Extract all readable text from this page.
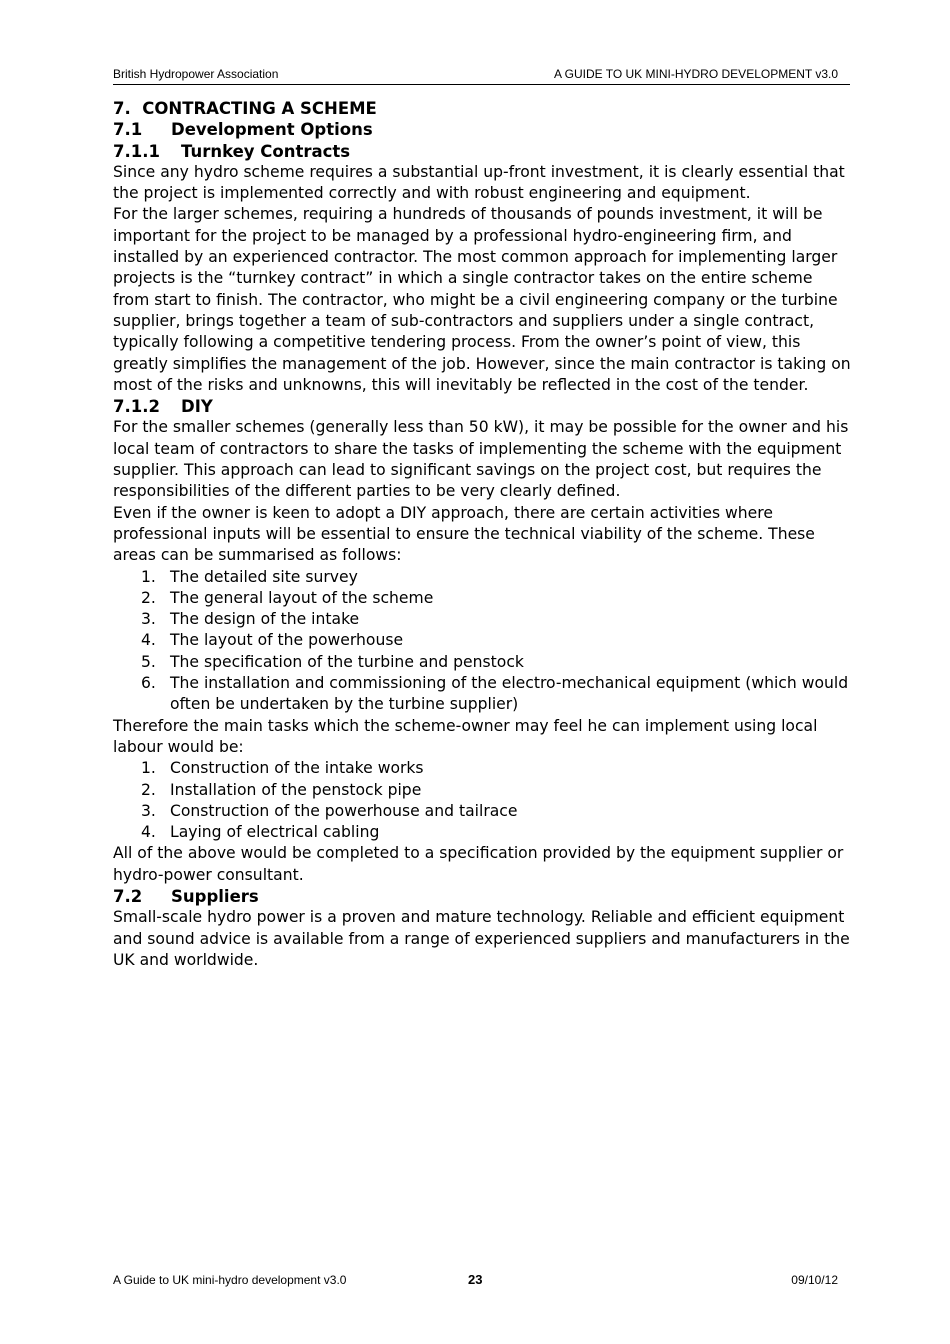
British Hydropower Association	A GUIDE TO UK MINI-HYDRO DEVELOPMENT v3.0

7. CONTRACTING A SCHEME

7.1 Development Options

7.1.1 Turnkey Contracts

Since any hydro scheme requires a substantial up-front investment, it is clearly essential that the project is implemented correctly and with robust engineering and equipment.

For the larger schemes, requiring a hundreds of thousands of pounds investment, it will be important for the project to be managed by a professional hydro-engineering firm, and installed by an experienced contractor. The most common approach for implementing larger projects is the “turnkey contract” in which a single contractor takes on the entire scheme from start to finish. The contractor, who might be a civil engineering company or the turbine supplier, brings together a team of sub-contractors and suppliers under a single contract, typically following a competitive tendering process. From the owner’s point of view, this greatly simplifies the management of the job. However, since the main contractor is taking on most of the risks and unknowns, this will inevitably be reflected in the cost of the tender.

7.1.2 DIY

For the smaller schemes (generally less than 50 kW), it may be possible for the owner and his local team of contractors to share the tasks of implementing the scheme with the equipment supplier. This approach can lead to significant savings on the project cost, but requires the responsibilities of the different parties to be very clearly defined.

Even if the owner is keen to adopt a DIY approach, there are certain activities where professional inputs will be essential to ensure the technical viability of the scheme. These areas can be summarised as follows:

1. The detailed site survey
2. The general layout of the scheme
3. The design of the intake
4. The layout of the powerhouse
5. The specification of the turbine and penstock
6. The installation and commissioning of the electro-mechanical equipment (which would often be undertaken by the turbine supplier)

Therefore the main tasks which the scheme-owner may feel he can implement using local labour would be:

1. Construction of the intake works
2. Installation of the penstock pipe
3. Construction of the powerhouse and tailrace
4. Laying of electrical cabling

All of the above would be completed to a specification provided by the equipment supplier or hydro-power consultant.

7.2 Suppliers

Small-scale hydro power is a proven and mature technology. Reliable and efficient equipment and sound advice is available from a range of experienced suppliers and manufacturers in the UK and worldwide.

A Guide to UK mini-hydro development v3.0	23	09/10/12
